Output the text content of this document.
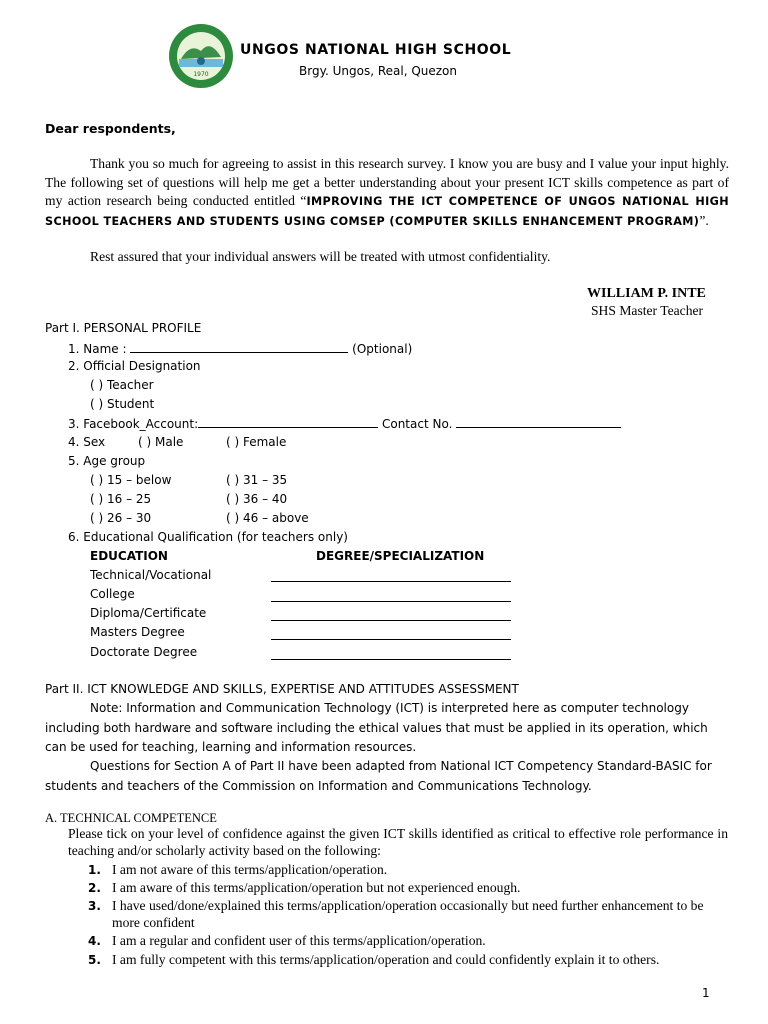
1970
UNGOS NATIONAL HIGH SCHOOL
Brgy. Ungos, Real, Quezon
Dear respondents,
Thank you so much for agreeing to assist in this research survey. I know you are busy and I value your input highly. The following set of questions will help me get a better understanding about your present ICT skills competence as part of my action research being conducted entitled “IMPROVING THE ICT COMPETENCE OF UNGOS NATIONAL HIGH SCHOOL TEACHERS AND STUDENTS USING COMSEP (COMPUTER SKILLS ENHANCEMENT PROGRAM)”.
Rest assured that your individual answers will be treated with utmost confidentiality.
WILLIAM P. INTE
SHS Master Teacher
Part I. PERSONAL PROFILE
1. Name :	(Optional)
2. Official Designation
( ) Teacher
( ) Student
3. Facebook_Account:	Contact No.
4. Sex	( ) Male	( ) Female
5. Age group
( ) 15 – below
( ) 16 – 25
( ) 26 – 30
( ) 31 – 35
( ) 36 – 40
( ) 46 – above
6. Educational Qualification (for teachers only)
EDUCATION	DEGREE/SPECIALIZATION
Technical/Vocational
College
Diploma/Certificate
Masters Degree
Doctorate Degree
Part II. ICT KNOWLEDGE AND SKILLS, EXPERTISE AND ATTITUDES ASSESSMENT
Note: Information and Communication Technology (ICT) is interpreted here as computer technology including both hardware and software including the ethical values that must be applied in its operation, which can be used for teaching, learning and information resources.
Questions for Section A of Part II have been adapted from National ICT Competency Standard-BASIC for students and teachers of the Commission on Information and Communications Technology.
A. TECHNICAL COMPETENCE
Please tick on your level of confidence against the given ICT skills identified as critical to effective role performance in teaching and/or scholarly activity based on the following:
1. I am not aware of this terms/application/operation.
2. I am aware of this terms/application/operation but not experienced enough.
3. I have used/done/explained this terms/application/operation occasionally but need further enhancement to be more confident
4. I am a regular and confident user of this terms/application/operation.
5. I am fully competent with this terms/application/operation and could confidently explain it to others.
1
